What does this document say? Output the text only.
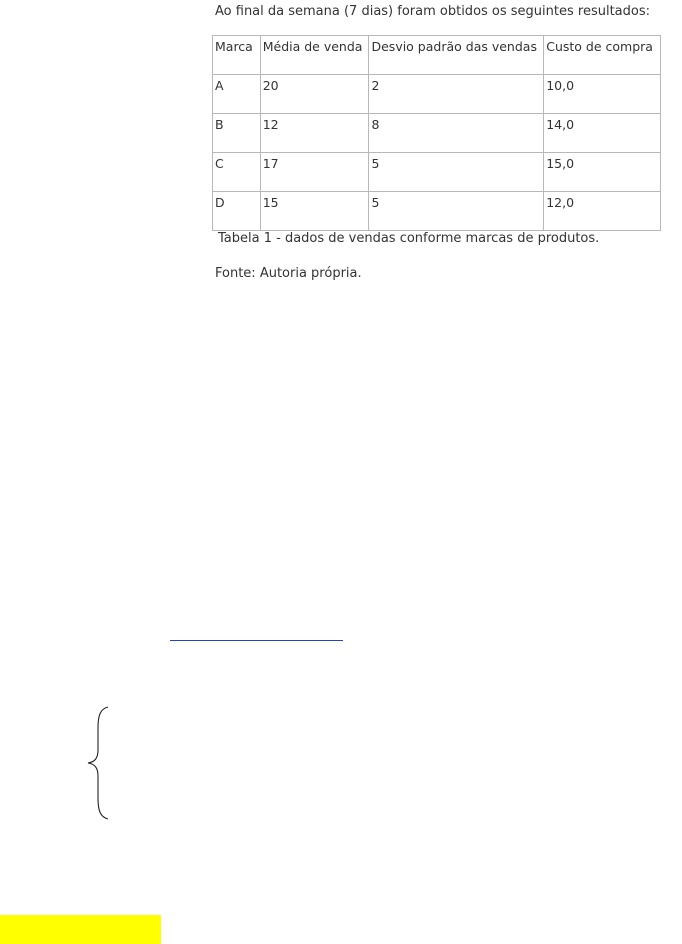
Ao final da semana (7 dias) foram obtidos os seguintes resultados:
Marca	Média de venda	Desvio padrão das vendas	Custo de compra
A	20	2	10,0
B	12	8	14,0
C	17	5	15,0
D	15	5	12,0
Tabela 1 - dados de vendas conforme marcas de produtos.
Fonte: Autoria própria.
